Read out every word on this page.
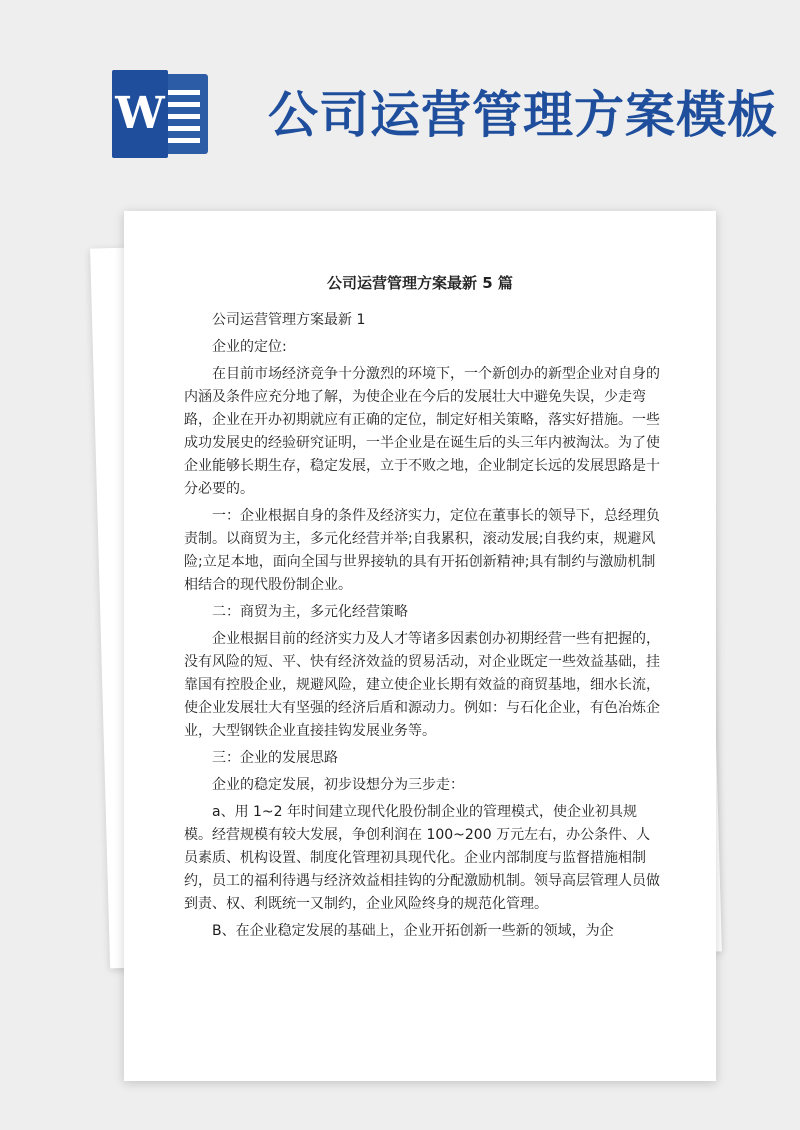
W 公司运营管理方案模板
公司运营管理方案最新 5 篇

公司运营管理方案最新 1

企业的定位:

在目前市场经济竞争十分激烈的环境下，一个新创办的新型企业对自身的内涵及条件应充分地了解，为使企业在今后的发展壮大中避免失误，少走弯路，企业在开办初期就应有正确的定位，制定好相关策略，落实好措施。一些成功发展史的经验研究证明，一半企业是在诞生后的头三年内被淘汰。为了使企业能够长期生存，稳定发展，立于不败之地，企业制定长远的发展思路是十分必要的。

一：企业根据自身的条件及经济实力，定位在董事长的领导下，总经理负责制。以商贸为主，多元化经营并举;自我累积，滚动发展;自我约束，规避风险;立足本地，面向全国与世界接轨的具有开拓创新精神;具有制约与激励机制相结合的现代股份制企业。

二：商贸为主，多元化经营策略

企业根据目前的经济实力及人才等诸多因素创办初期经营一些有把握的，没有风险的短、平、快有经济效益的贸易活动，对企业既定一些效益基础，挂靠国有控股企业，规避风险，建立使企业长期有效益的商贸基地，细水长流，使企业发展壮大有坚强的经济后盾和源动力。例如：与石化企业，有色冶炼企业，大型钢铁企业直接挂钩发展业务等。

三：企业的发展思路

企业的稳定发展，初步设想分为三步走：

a、用 1~2 年时间建立现代化股份制企业的管理模式，使企业初具规模。经营规模有较大发展，争创利润在 100~200 万元左右，办公条件、人员素质、机构设置、制度化管理初具现代化。企业内部制度与监督措施相制约，员工的福利待遇与经济效益相挂钩的分配激励机制。领导高层管理人员做到责、权、利既统一又制约，企业风险终身的规范化管理。

B、在企业稳定发展的基础上，企业开拓创新一些新的领域，为企
